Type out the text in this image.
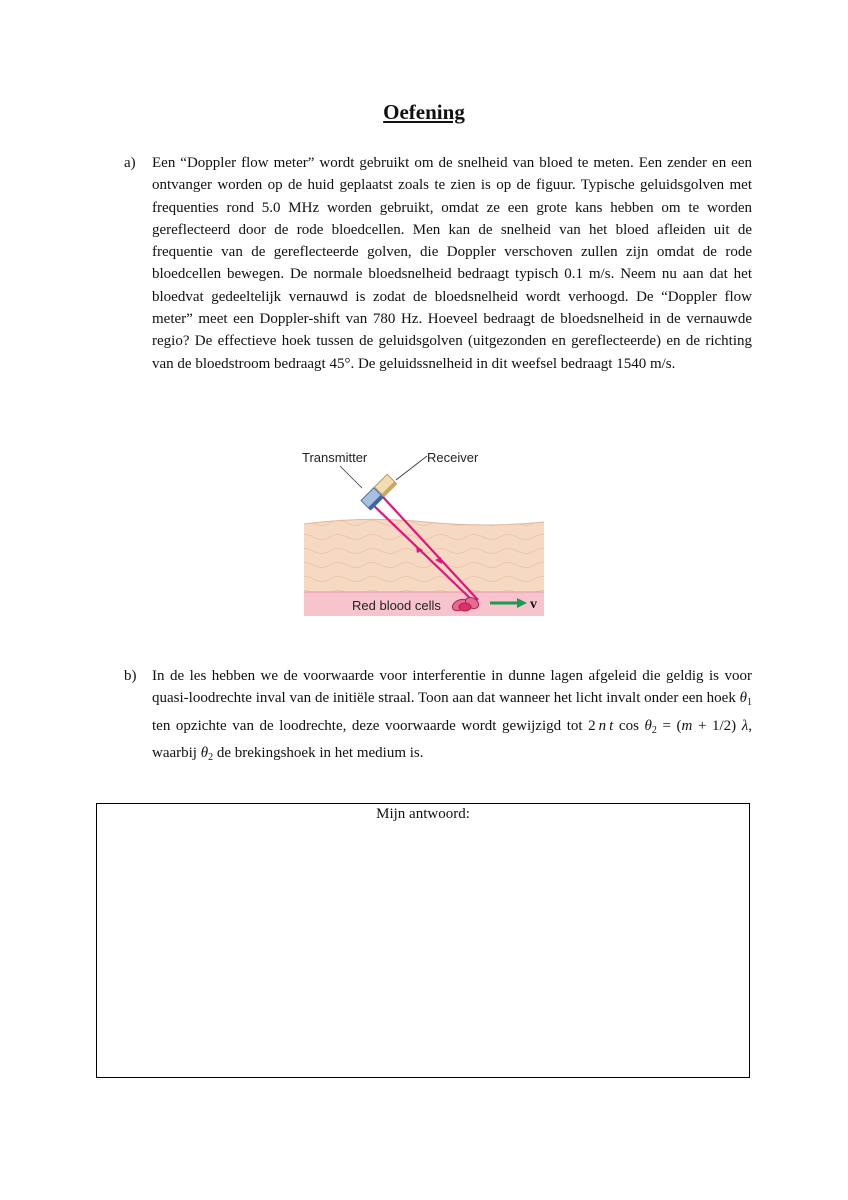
Oefening
a) Een “Doppler flow meter” wordt gebruikt om de snelheid van bloed te meten. Een zender en een ontvanger worden op de huid geplaatst zoals te zien is op de figuur. Typische geluidsgolven met frequenties rond 5.0 MHz worden gebruikt, omdat ze een grote kans hebben om te worden gereflecteerd door de rode bloedcellen. Men kan de snelheid van het bloed afleiden uit de frequentie van de gereflecteerde golven, die Doppler verschoven zullen zijn omdat de rode bloedcellen bewegen. De normale bloedsnelheid bedraagt typisch 0.1 m/s. Neem nu aan dat het bloedvat gedeeltelijk vernauwd is zodat de bloedsnelheid wordt verhoogd. De “Doppler flow meter” meet een Doppler-shift van 780 Hz. Hoeveel bedraagt de bloedsnelheid in de vernauwde regio? De effectieve hoek tussen de geluidsgolven (uitgezonden en gereflecteerde) en de richting van de bloedstroom bedraagt 45°. De geluidssnelheid in dit weefsel bedraagt 1540 m/s.
Transmitter	Receiver
Red blood cells	v⃗
b) In de les hebben we de voorwaarde voor interferentie in dunne lagen afgeleid die geldig is voor quasi-loodrechte inval van de initiële straal. Toon aan dat wanneer het licht invalt onder een hoek $\theta_1$ ten opzichte van de loodrechte, deze voorwaarde wordt gewijzigd tot 2  n  t $\cos \theta_2 = (m + 1/2)$ λ, waarbij $\theta_2$ de brekingshoek in het medium is.
Mijn antwoord:
